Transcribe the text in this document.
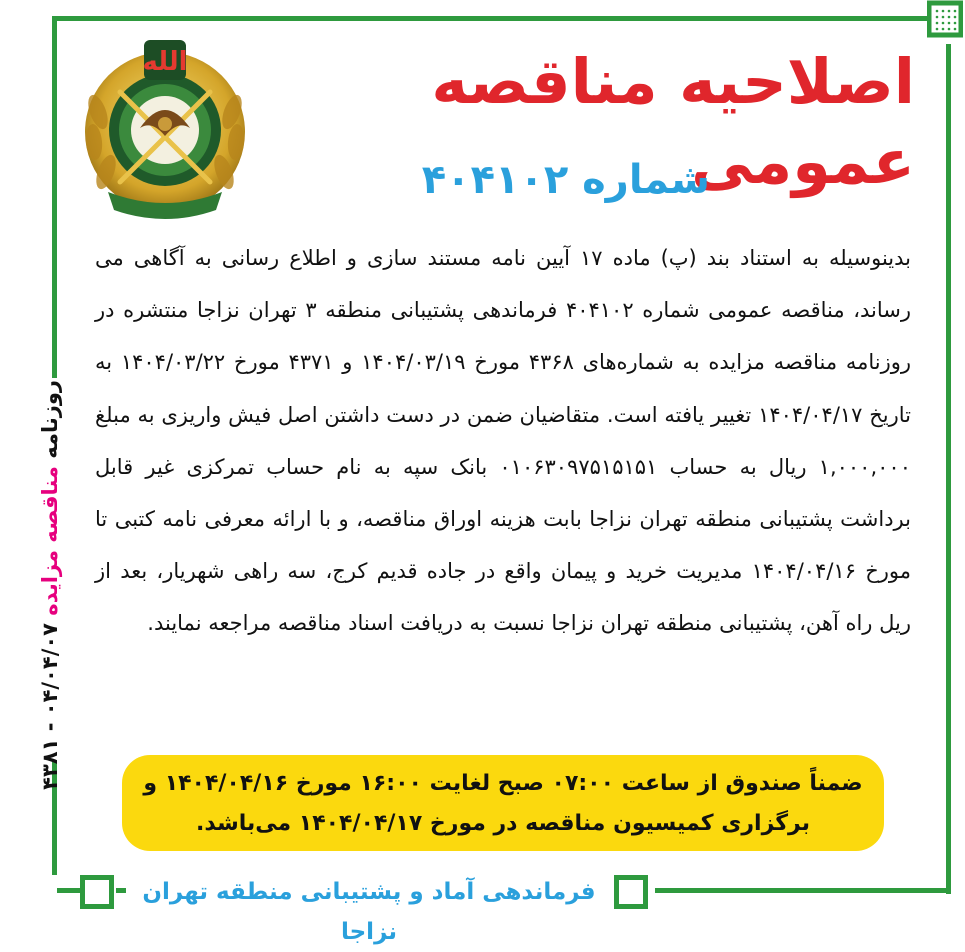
الله	اصلاحیه مناقصه عمومی
شماره ۴۰۴۱۰۲

بدینوسیله به استناد بند (پ) ماده ۱۷ آیین نامه مستند سازی و اطلاع رسانی به آگاهی می رساند، مناقصه عمومی شماره ۴۰۴۱۰۲ فرماندهی پشتیبانی منطقه ۳ تهران نزاجا منتشره در روزنامه مناقصه مزایده به شماره‌های ۴۳۶۸ مورخ ۱۴۰۴/۰۳/۱۹ و ۴۳۷۱ مورخ ۱۴۰۴/۰۳/۲۲ به تاریخ ۱۴۰۴/۰۴/۱۷ تغییر یافته است. متقاضیان ضمن در دست داشتن اصل فیش واریزی به مبلغ ۱,۰۰۰,۰۰۰ ریال به حساب ۰۱۰۶۳۰۹۷۵۱۵۱۵۱ بانک سپه به نام حساب تمرکزی غیر قابل برداشت پشتیبانی منطقه تهران نزاجا بابت هزینه اوراق مناقصه، و با ارائه معرفی نامه کتبی تا مورخ ۱۴۰۴/۰۴/۱۶ مدیریت خرید و پیمان واقع در جاده قدیم کرج، سه راهی شهریار، بعد از ریل راه آهن، پشتیبانی منطقه تهران نزاجا نسبت به دریافت اسناد مناقصه مراجعه نمایند.

ضمناً صندوق از ساعت ۰۷:۰۰ صبح لغایت ۱۶:۰۰ مورخ ۱۴۰۴/۰۴/۱۶ و
برگزاری کمیسیون مناقصه در مورخ ۱۴۰۴/۰۴/۱۷ می‌باشد.
فرماندهی آماد و پشتیبانی منطقه تهران نزاجا
روزنامه مناقصه مزایده ۰۴/۰۴/۰۷ - ۴۳۸۱
